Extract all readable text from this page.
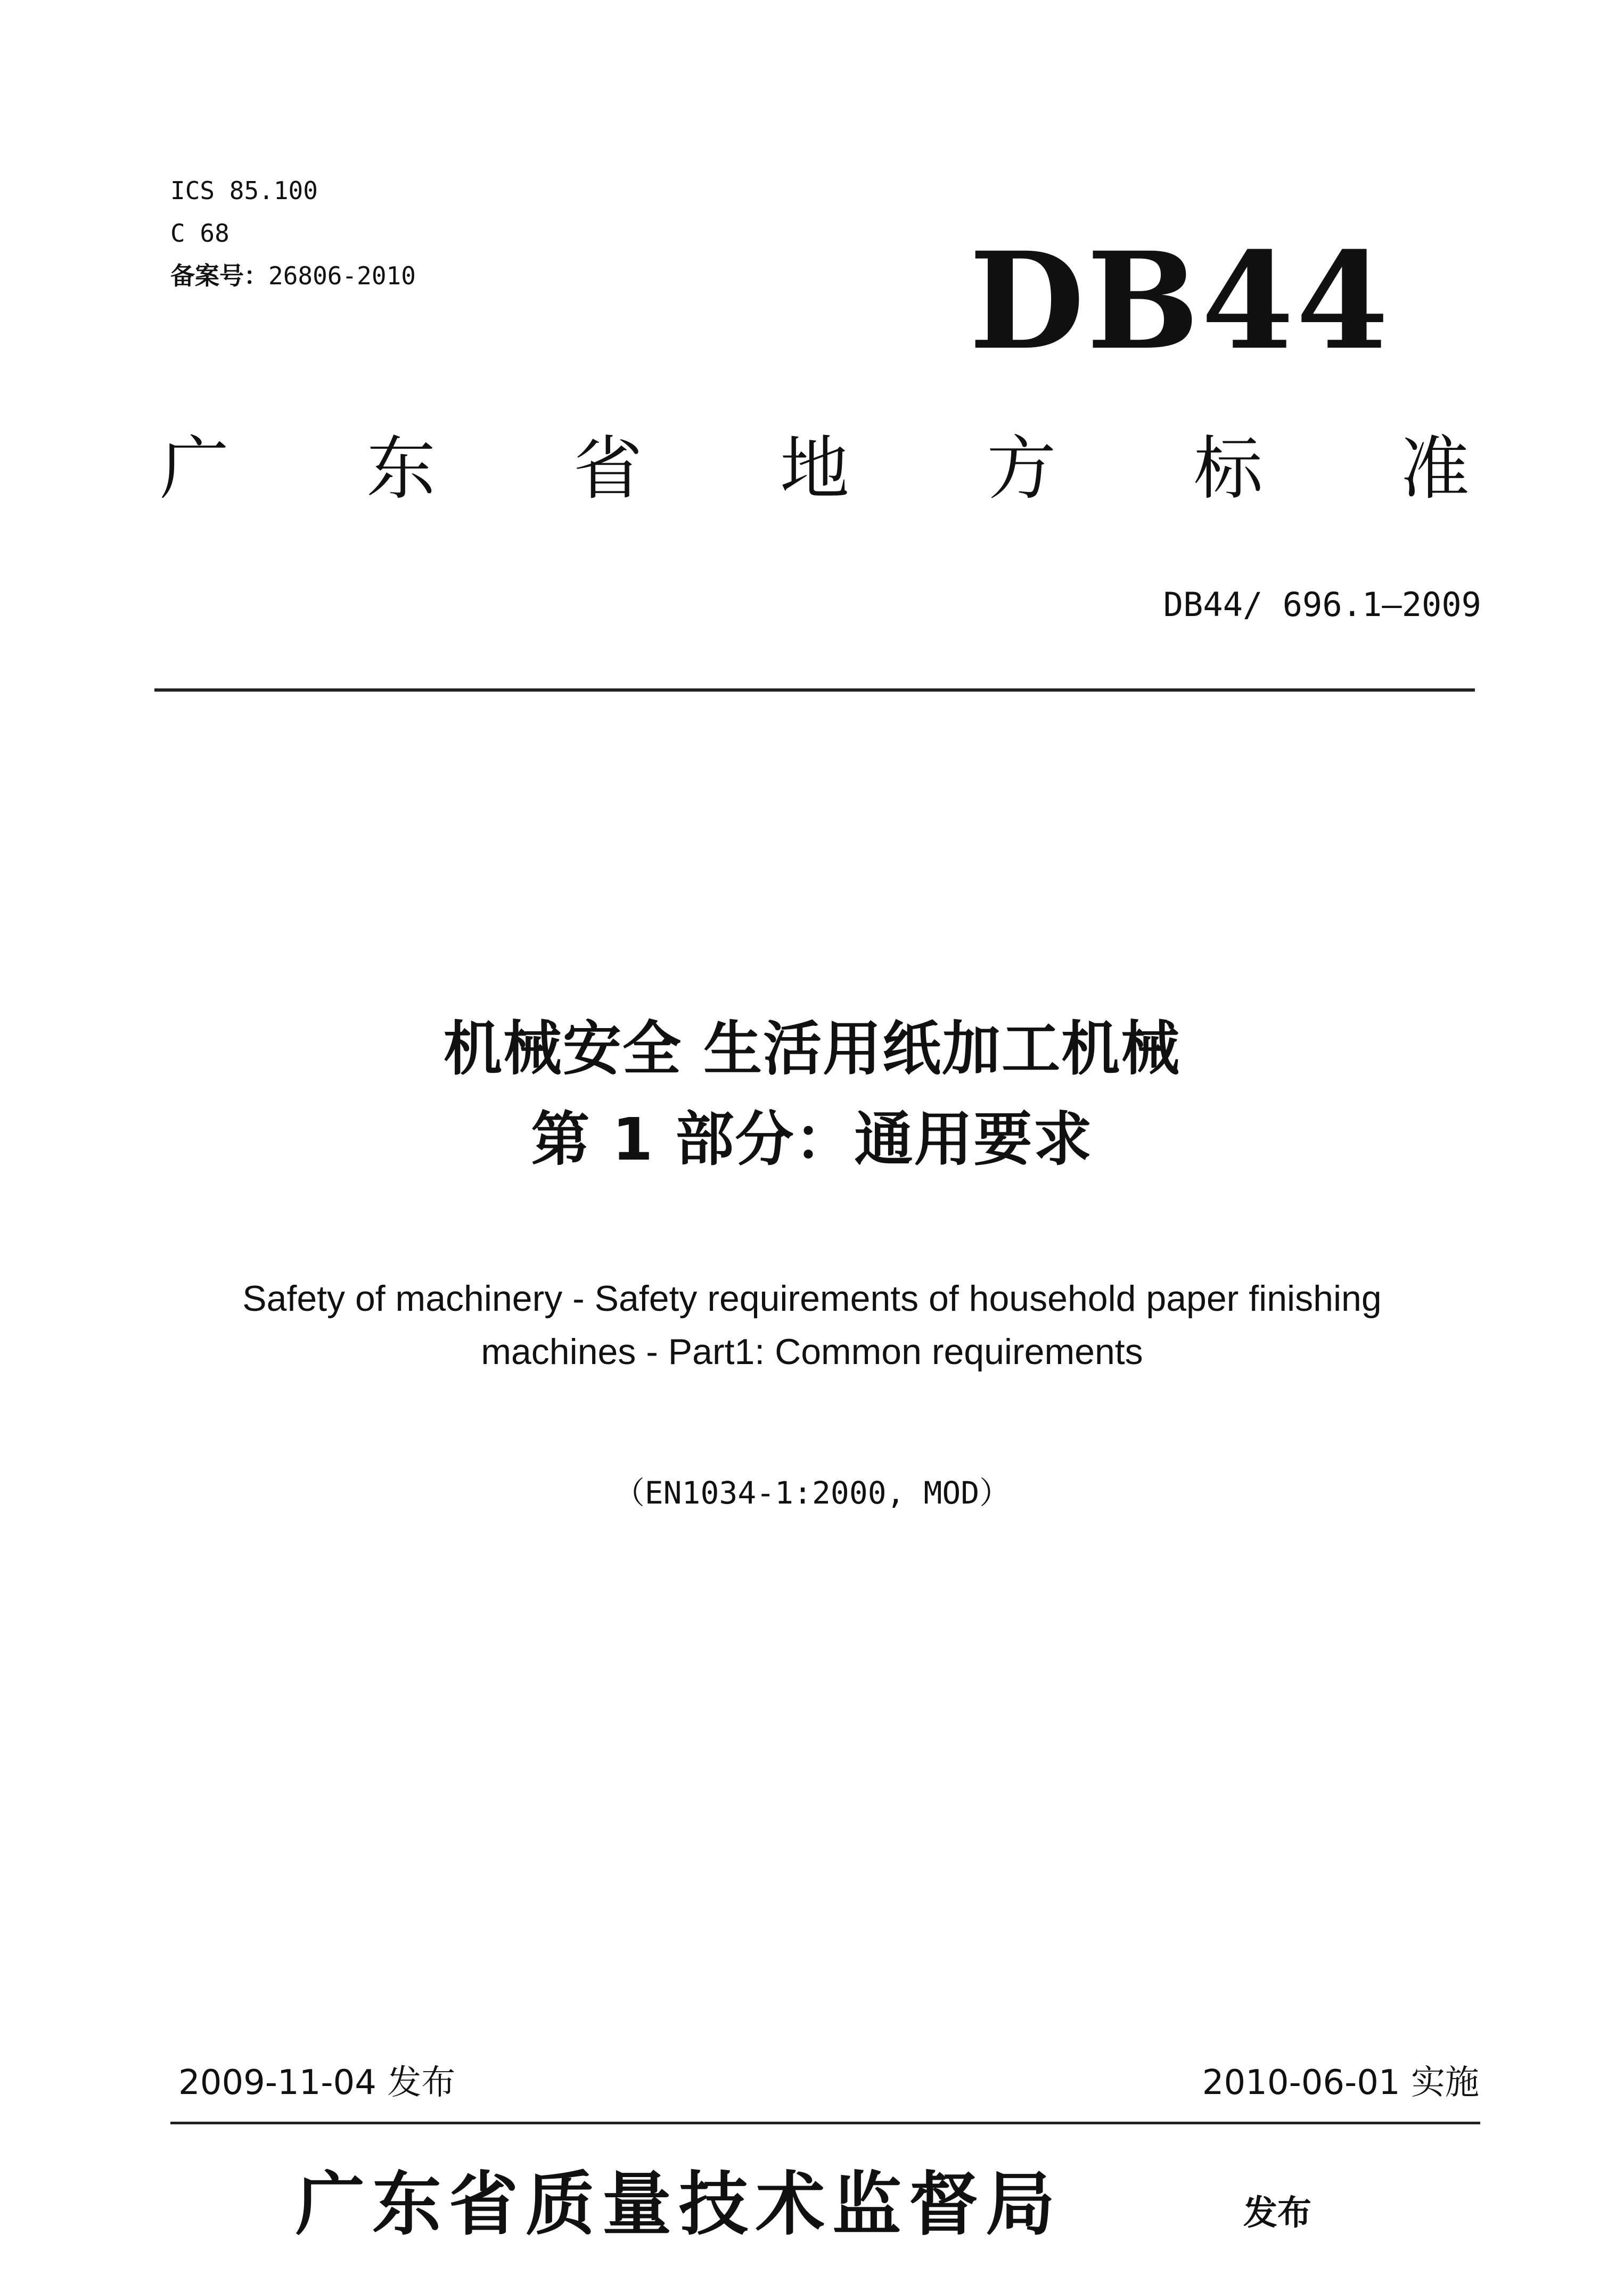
ICS 85.100
C 68
备案号：26806-2010	DB44
广 东 省 地 方 标 准
DB44/ 696.1—2009
机械安全 生活用纸加工机械
第 1 部分：通用要求
Safety of machinery - Safety requirements of household paper finishing
machines - Part1: Common requirements
（EN1034-1:2000, MOD）
2009-11-04 发布	2010-06-01 实施
广东省质量技术监督局	发布
